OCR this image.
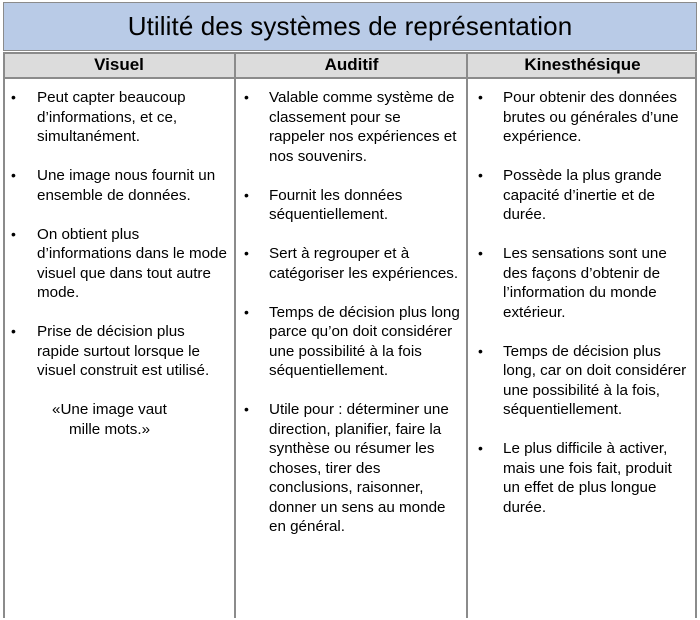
Utilité des systèmes de représentation
Visuel	Auditif	Kinesthésique
• Peut capter beaucoup d’informations, et ce, simultanément.
• Une image nous fournit un ensemble de données.
• On obtient plus d’informations dans le mode visuel que dans tout autre mode.
• Prise de décision plus rapide surtout lorsque le visuel construit est utilisé.
«Une image vaut
mille mots.»
• Valable comme système de classement pour se rappeler nos expériences et nos souvenirs.
• Fournit les données séquentiellement.
• Sert à regrouper et à catégoriser les expériences.
• Temps de décision plus long parce qu’on doit considérer une possibilité à la fois séquentiellement.
• Utile pour : déterminer une direction, planifier, faire la synthèse ou résumer les choses, tirer des conclusions, raisonner, donner un sens au monde en général.
• Pour obtenir des données brutes ou générales d’une expérience.
• Possède la plus grande capacité d’inertie et de durée.
• Les sensations sont une des façons d’obtenir de l’information du monde extérieur.
• Temps de décision plus long, car on doit considérer une possibilité à la fois, séquentiellement.
• Le plus difficile à activer, mais une fois fait, produit un effet de plus longue durée.
